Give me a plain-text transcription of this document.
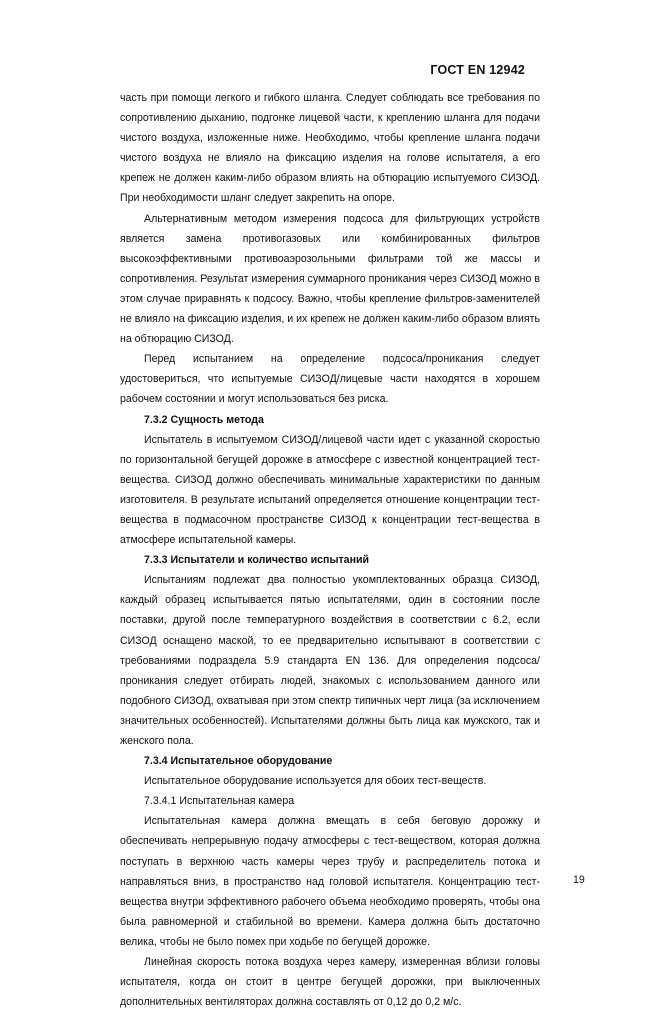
ГОСТ EN 12942

часть при помощи легкого и гибкого шланга. Следует соблюдать все требования по сопротивлению дыханию, подгонке лицевой части, к креплению шланга для подачи чистого воздуха, изложенные ниже. Необходимо, чтобы крепление шланга подачи чистого воздуха не влияло на фиксацию изделия на голове испытателя, а его крепеж не должен каким-либо образом влиять на обтюрацию испытуемого СИЗОД. При необходимости шланг следует закрепить на опоре.

Альтернативным методом измерения подсоса для фильтрующих устройств является замена противогазовых или комбинированных фильтров высокоэффективными противоаэрозольными фильтрами той же массы и сопротивления. Результат измерения суммарного проникания через СИЗОД можно в этом случае приравнять к подсосу. Важно, чтобы крепление фильтров-заменителей не влияло на фиксацию изделия, и их крепеж не должен каким-либо образом влиять на обтюрацию СИЗОД.

Перед испытанием на определение подсоса/проникания следует удостовериться, что испытуемые СИЗОД/лицевые части находятся в хорошем рабочем состоянии и могут использоваться без риска.

7.3.2 Сущность метода

Испытатель в испытуемом СИЗОД/лицевой части идет с указанной скоростью по горизонтальной бегущей дорожке в атмосфере с известной концентрацией тест-вещества. СИЗОД должно обеспечивать минимальные характеристики по данным изготовителя. В результате испытаний определяется отношение концентрации тест-вещества в подмасочном пространстве СИЗОД к концентрации тест-вещества в атмосфере испытательной камеры.

7.3.3 Испытатели и количество испытаний

Испытаниям подлежат два полностью укомплектованных образца СИЗОД, каждый образец испытывается пятью испытателями, один в состоянии после поставки, другой после температурного воздействия в соответствии с 6.2, если СИЗОД оснащено маской, то ее предварительно испытывают в соответствии с требованиями подраздела 5.9 стандарта EN 136. Для определения подсоса/проникания следует отбирать людей, знакомых с использованием данного или подобного СИЗОД, охватывая при этом спектр типичных черт лица (за исключением значительных особенностей). Испытателями должны быть лица как мужского, так и женского пола.

7.3.4 Испытательное оборудование

Испытательное оборудование используется для обоих тест-веществ.

7.3.4.1 Испытательная камера

Испытательная камера должна вмещать в себя беговую дорожку и обеспечивать непрерывную подачу атмосферы с тест-веществом, которая должна поступать в верхнюю часть камеры через трубу и распределитель потока и направляться вниз, в пространство над головой испытателя. Концентрацию тест-вещества внутри эффективного рабочего объема необходимо проверять, чтобы она была равномерной и стабильной во времени. Камера должна быть достаточно велика, чтобы не было помех при ходьбе по бегущей дорожке.

Линейная скорость потока воздуха через камеру, измеренная вблизи головы испытателя, когда он стоит в центре бегущей дорожки, при выключенных дополнительных вентиляторах должна составлять от 0,12 до 0,2 м/с.

19
